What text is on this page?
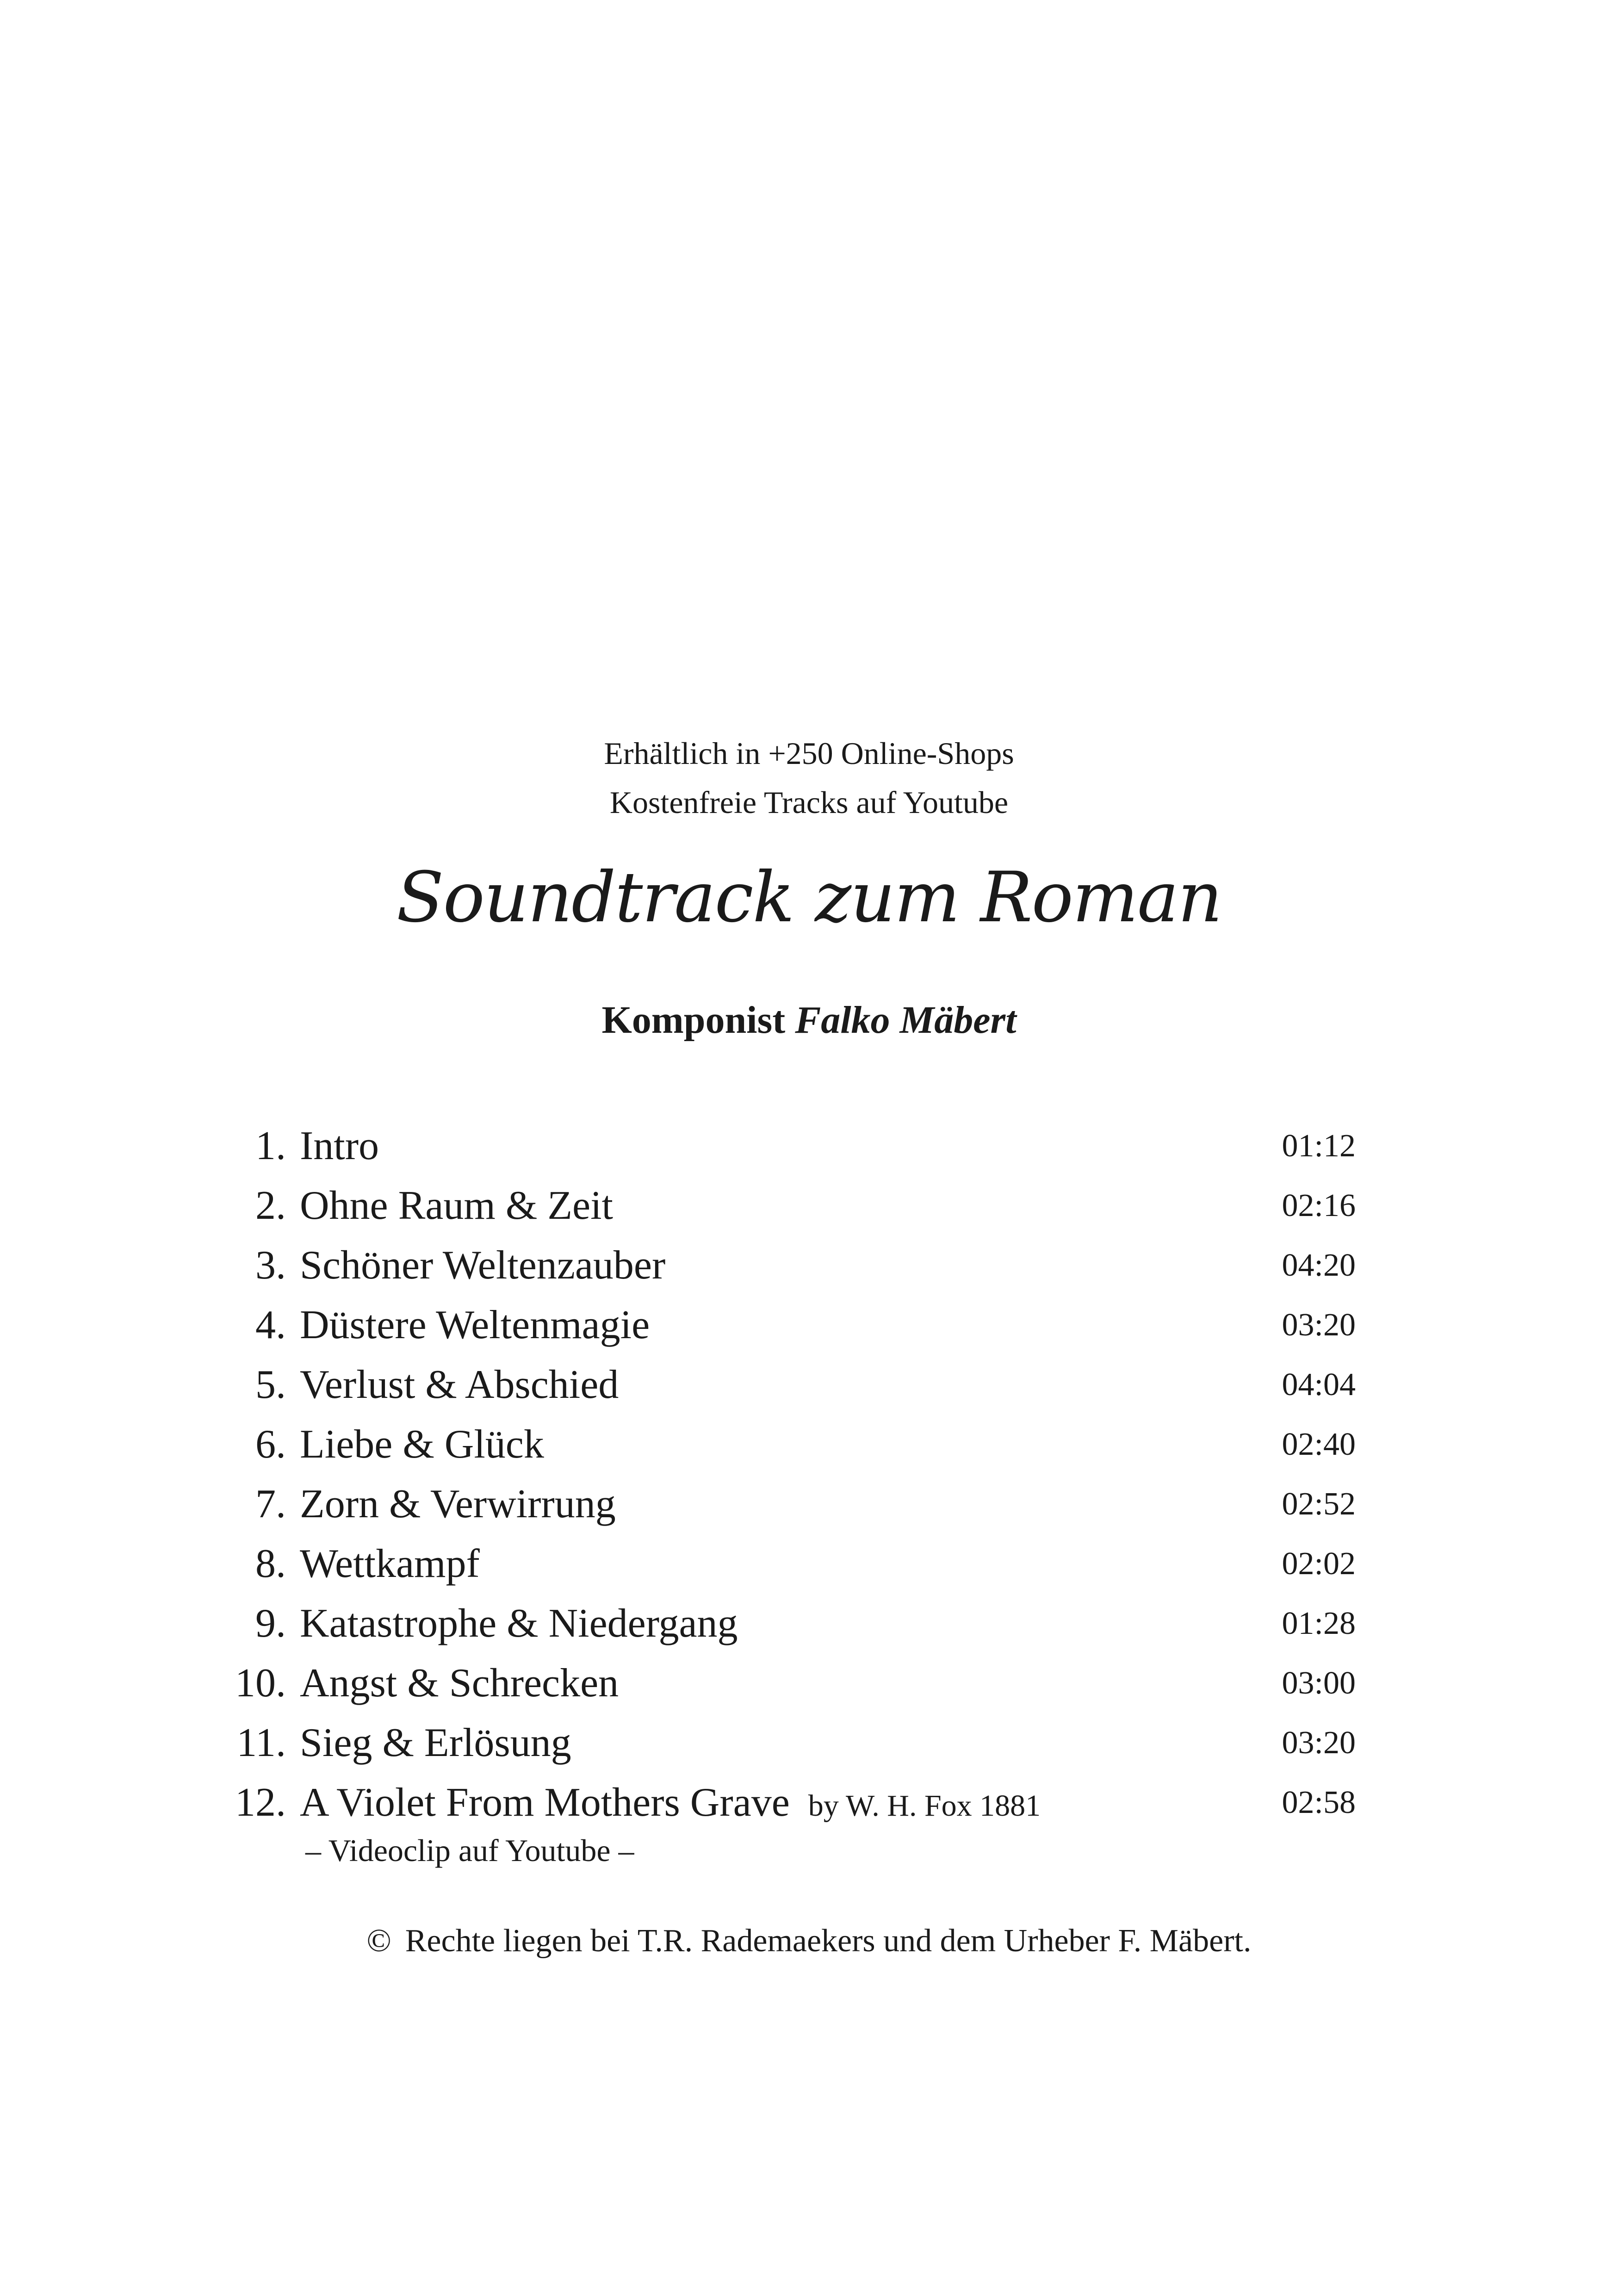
Erhältlich in +250 Online-Shops
Kostenfreie Tracks auf Youtube
Soundtrack zum Roman
Komponist Falko Mäbert
1. Intro	01:12
2. Ohne Raum & Zeit	02:16
3. Schöner Weltenzauber	04:20
4. Düstere Weltenmagie	03:20
5. Verlust & Abschied	04:04
6. Liebe & Glück	02:40
7. Zorn & Verwirrung	02:52
8. Wettkampf	02:02
9. Katastrophe & Niedergang	01:28
10. Angst & Schrecken	03:00
11. Sieg & Erlösung	03:20
12. A Violet From Mothers Grave by W. H. Fox 1881	02:58
– Videoclip auf Youtube –
© Rechte liegen bei T.R. Rademaekers und dem Urheber F. Mäbert.
